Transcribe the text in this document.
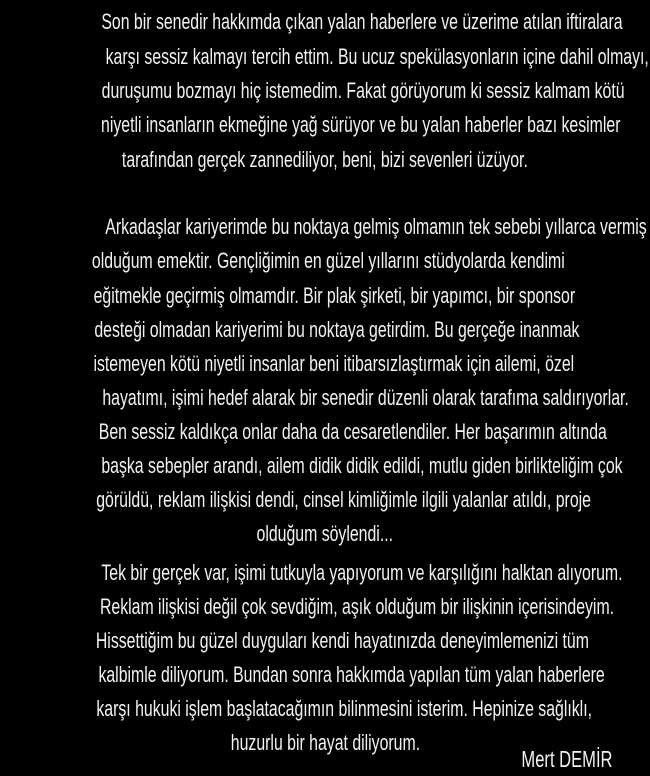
Son bir senedir hakkımda çıkan yalan haberlere ve üzerime atılan iftiralara
karşı sessiz kalmayı tercih ettim. Bu ucuz spekülasyonların içine dahil olmayı,
duruşumu bozmayı hiç istemedim. Fakat görüyorum ki sessiz kalmam kötü
niyetli insanların ekmeğine yağ sürüyor ve bu yalan haberler bazı kesimler
tarafından gerçek zannediliyor, beni, bizi sevenleri üzüyor.
Arkadaşlar kariyerimde bu noktaya gelmiş olmamın tek sebebi yıllarca vermiş
olduğum emektir. Gençliğimin en güzel yıllarını stüdyolarda kendimi
eğitmekle geçirmiş olmamdır. Bir plak şirketi, bir yapımcı, bir sponsor
desteği olmadan kariyerimi bu noktaya getirdim. Bu gerçeğe inanmak
istemeyen kötü niyetli insanlar beni itibarsızlaştırmak için ailemi, özel
hayatımı, işimi hedef alarak bir senedir düzenli olarak tarafıma saldırıyorlar.
Ben sessiz kaldıkça onlar daha da cesaretlendiler. Her başarımın altında
başka sebepler arandı, ailem didik didik edildi, mutlu giden birlikteliğim çok
görüldü, reklam ilişkisi dendi, cinsel kimliğimle ilgili yalanlar atıldı, proje
olduğum söylendi...
Tek bir gerçek var, işimi tutkuyla yapıyorum ve karşılığını halktan alıyorum.
Reklam ilişkisi değil çok sevdiğim, aşık olduğum bir ilişkinin içerisindeyim.
Hissettiğim bu güzel duyguları kendi hayatınızda deneyimlemenizi tüm
kalbimle diliyorum. Bundan sonra hakkımda yapılan tüm yalan haberlere
karşı hukuki işlem başlatacağımın bilinmesini isterim. Hepinize sağlıklı,
huzurlu bir hayat diliyorum.
Mert DEMİR
